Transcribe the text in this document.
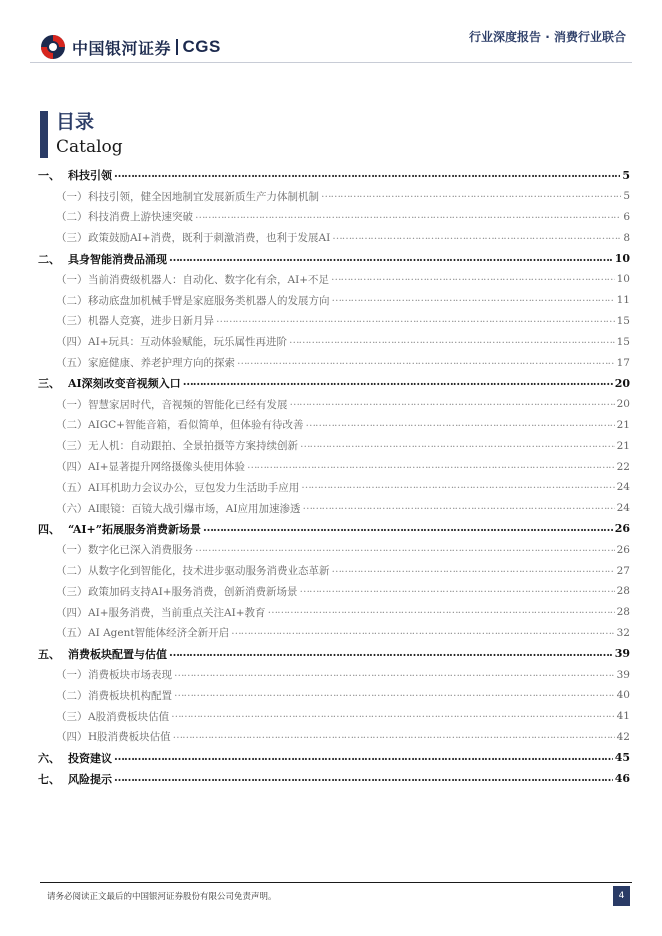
中国银河证券 CGS	行业深度报告 · 消费行业联合
目录
Catalog
一、 科技引领 ……………………………………………………………………………………………………………………………………………………………………………………………………………………………………………………………	5
（一） 科技引领，健全因地制宜发展新质生产力体制机制 ……………………………………………………………………………………………………………………………………………………………………………………………………………………………………………………………	5
（二） 科技消费上游快速突破 ……………………………………………………………………………………………………………………………………………………………………………………………………………………………………………………………	6
（三） 政策鼓励AI+消费，既利于刺激消费，也利于发展AI ……………………………………………………………………………………………………………………………………………………………………………………………………………………………………………………………	8
二、 具身智能消费品涌现 ……………………………………………………………………………………………………………………………………………………………………………………………………………………………………………………………	10
（一） 当前消费级机器人：自动化、数字化有余，AI+不足 ……………………………………………………………………………………………………………………………………………………………………………………………………………………………………………………………	10
（二） 移动底盘加机械手臂是家庭服务类机器人的发展方向 ……………………………………………………………………………………………………………………………………………………………………………………………………………………………………………………………	11
（三） 机器人竞赛，进步日新月异 ……………………………………………………………………………………………………………………………………………………………………………………………………………………………………………………………	15
（四） AI+玩具：互动体验赋能，玩乐属性再进阶 ……………………………………………………………………………………………………………………………………………………………………………………………………………………………………………………………	15
（五） 家庭健康、养老护理方向的探索 ……………………………………………………………………………………………………………………………………………………………………………………………………………………………………………………………	17
三、 AI深刻改变音视频入口 ……………………………………………………………………………………………………………………………………………………………………………………………………………………………………………………………	20
（一） 智慧家居时代，音视频的智能化已经有发展 ……………………………………………………………………………………………………………………………………………………………………………………………………………………………………………………………	20
（二） AIGC+智能音箱，看似简单，但体验有待改善 ……………………………………………………………………………………………………………………………………………………………………………………………………………………………………………………………	21
（三） 无人机：自动跟拍、全景拍摄等方案持续创新 ……………………………………………………………………………………………………………………………………………………………………………………………………………………………………………………………	21
（四） AI+显著提升网络摄像头使用体验 ……………………………………………………………………………………………………………………………………………………………………………………………………………………………………………………………	22
（五） AI耳机助力会议办公，豆包发力生活助手应用 ……………………………………………………………………………………………………………………………………………………………………………………………………………………………………………………………	24
（六） AI眼镜：百镜大战引爆市场，AI应用加速渗透 ……………………………………………………………………………………………………………………………………………………………………………………………………………………………………………………………	24
四、 “AI+”拓展服务消费新场景 ……………………………………………………………………………………………………………………………………………………………………………………………………………………………………………………………	26
（一） 数字化已深入消费服务 ……………………………………………………………………………………………………………………………………………………………………………………………………………………………………………………………	26
（二） 从数字化到智能化，技术进步驱动服务消费业态革新 ……………………………………………………………………………………………………………………………………………………………………………………………………………………………………………………………	27
（三） 政策加码支持AI+服务消费，创新消费新场景 ……………………………………………………………………………………………………………………………………………………………………………………………………………………………………………………………	28
（四） AI+服务消费，当前重点关注AI+教育 ……………………………………………………………………………………………………………………………………………………………………………………………………………………………………………………………	28
（五） AI Agent智能体经济全新开启 ……………………………………………………………………………………………………………………………………………………………………………………………………………………………………………………………	32
五、 消费板块配置与估值 ……………………………………………………………………………………………………………………………………………………………………………………………………………………………………………………………	39
（一） 消费板块市场表现 ……………………………………………………………………………………………………………………………………………………………………………………………………………………………………………………………	39
（二） 消费板块机构配置 ……………………………………………………………………………………………………………………………………………………………………………………………………………………………………………………………	40
（三） A股消费板块估值 ……………………………………………………………………………………………………………………………………………………………………………………………………………………………………………………………	41
（四） H股消费板块估值 ……………………………………………………………………………………………………………………………………………………………………………………………………………………………………………………………	42
六、 投资建议 ……………………………………………………………………………………………………………………………………………………………………………………………………………………………………………………………	45
七、 风险提示 ……………………………………………………………………………………………………………………………………………………………………………………………………………………………………………………………	46
请务必阅读正文最后的中国银河证券股份有限公司免责声明。	4
